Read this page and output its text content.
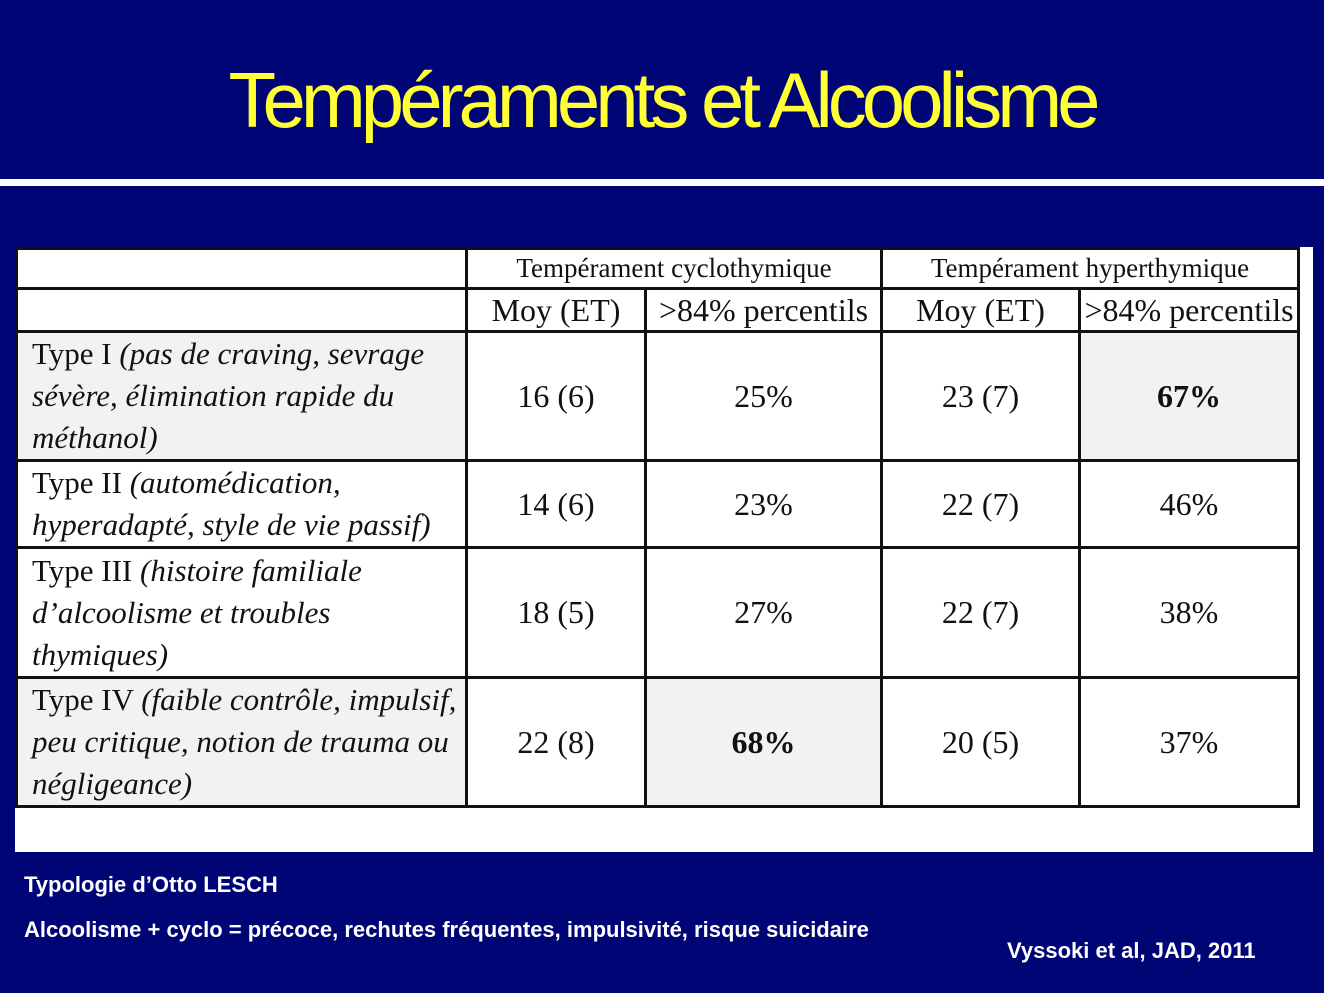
Tempéraments et Alcoolisme
	Tempérament cyclothymique		Tempérament hyperthymique	
	Moy (ET)	>84% percentils	Moy (ET)	>84% percentils
Type I (pas de craving, sevrage sévère, élimination rapide du méthanol)	16 (6)	25%	23 (7)	67%
Type II (automédication, hyperadapté, style de vie passif)	14 (6)	23%	22 (7)	46%
Type III (histoire familiale d’alcoolisme et troubles thymiques)	18 (5)	27%	22 (7)	38%
Type IV (faible contrôle, impulsif, peu critique, notion de trauma ou négligeance)	22 (8)	68%	20 (5)	37%
Typologie d’Otto LESCH
Alcoolisme + cyclo = précoce, rechutes fréquentes, impulsivité, risque suicidaire
Vyssoki et al, JAD, 2011
